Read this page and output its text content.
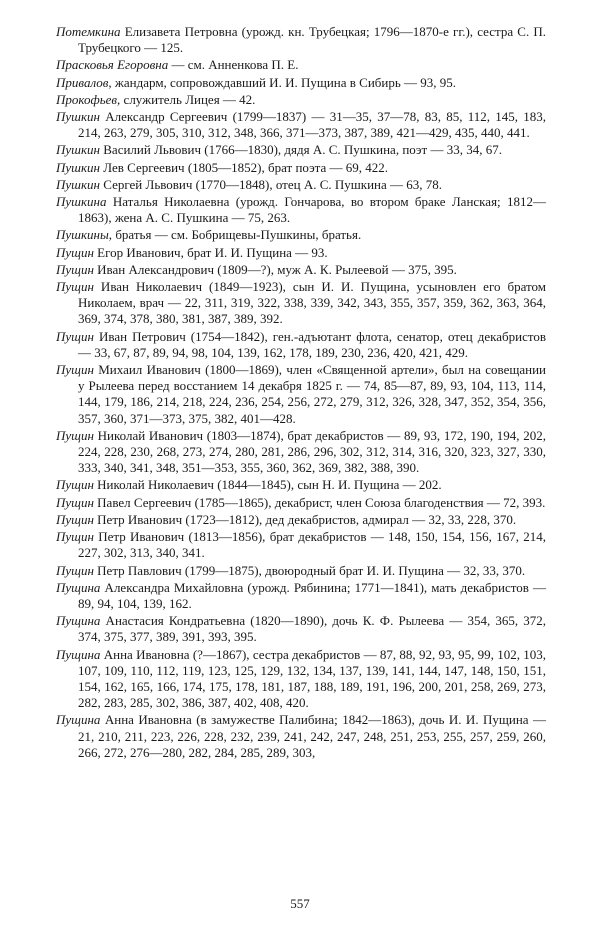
Потемкина Елизавета Петровна (урожд. кн. Трубецкая; 1796—1870-е гг.), сестра С. П. Трубецкого — 125.
Прасковья Егоровна — см. Анненкова П. Е.
Привалов, жандарм, сопровождавший И. И. Пущина в Сибирь — 93, 95.
Прокофьев, служитель Лицея — 42.
Пушкин Александр Сергеевич (1799—1837) — 31—35, 37—78, 83, 85, 112, 145, 183, 214, 263, 279, 305, 310, 312, 348, 366, 371—373, 387, 389, 421—429, 435, 440, 441.
Пушкин Василий Львович (1766—1830), дядя А. С. Пушкина, поэт — 33, 34, 67.
Пушкин Лев Сергеевич (1805—1852), брат поэта — 69, 422.
Пушкин Сергей Львович (1770—1848), отец А. С. Пушкина — 63, 78.
Пушкина Наталья Николаевна (урожд. Гончарова, во втором браке Ланская; 1812—1863), жена А. С. Пушкина — 75, 263.
Пушкины, братья — см. Бобрищевы-Пушкины, братья.
Пущин Егор Иванович, брат И. И. Пущина — 93.
Пущин Иван Александрович (1809—?), муж А. К. Рылеевой — 375, 395.
Пущин Иван Николаевич (1849—1923), сын И. И. Пущина, усыновлен его братом Николаем, врач — 22, 311, 319, 322, 338, 339, 342, 343, 355, 357, 359, 362, 363, 364, 369, 374, 378, 380, 381, 387, 389, 392.
Пущин Иван Петрович (1754—1842), ген.-адъютант флота, сенатор, отец декабристов — 33, 67, 87, 89, 94, 98, 104, 139, 162, 178, 189, 230, 236, 420, 421, 429.
Пущин Михаил Иванович (1800—1869), член «Священной артели», был на совещании у Рылеева перед восстанием 14 декабря 1825 г. — 74, 85—87, 89, 93, 104, 113, 114, 144, 179, 186, 214, 218, 224, 236, 254, 256, 272, 279, 312, 326, 328, 347, 352, 354, 356, 357, 360, 371—373, 375, 382, 401—428.
Пущин Николай Иванович (1803—1874), брат декабристов — 89, 93, 172, 190, 194, 202, 224, 228, 230, 268, 273, 274, 280, 281, 286, 296, 302, 312, 314, 316, 320, 323, 327, 330, 333, 340, 341, 348, 351—353, 355, 360, 362, 369, 382, 388, 390.
Пущин Николай Николаевич (1844—1845), сын Н. И. Пущина — 202.
Пущин Павел Сергеевич (1785—1865), декабрист, член Союза благоденствия — 72, 393.
Пущин Петр Иванович (1723—1812), дед декабристов, адмирал — 32, 33, 228, 370.
Пущин Петр Иванович (1813—1856), брат декабристов — 148, 150, 154, 156, 167, 214, 227, 302, 313, 340, 341.
Пущин Петр Павлович (1799—1875), двоюродный брат И. И. Пущина — 32, 33, 370.
Пущина Александра Михайловна (урожд. Рябинина; 1771—1841), мать декабристов — 89, 94, 104, 139, 162.
Пущина Анастасия Кондратьевна (1820—1890), дочь К. Ф. Рылеева — 354, 365, 372, 374, 375, 377, 389, 391, 393, 395.
Пущина Анна Ивановна (?—1867), сестра декабристов — 87, 88, 92, 93, 95, 99, 102, 103, 107, 109, 110, 112, 119, 123, 125, 129, 132, 134, 137, 139, 141, 144, 147, 148, 150, 151, 154, 162, 165, 166, 174, 175, 178, 181, 187, 188, 189, 191, 196, 200, 201, 258, 269, 273, 282, 283, 285, 302, 386, 387, 402, 408, 420.
Пущина Анна Ивановна (в замужестве Палибина; 1842—1863), дочь И. И. Пущина — 21, 210, 211, 223, 226, 228, 232, 239, 241, 242, 247, 248, 251, 253, 255, 257, 259, 260, 266, 272, 276—280, 282, 284, 285, 289, 303,
557
